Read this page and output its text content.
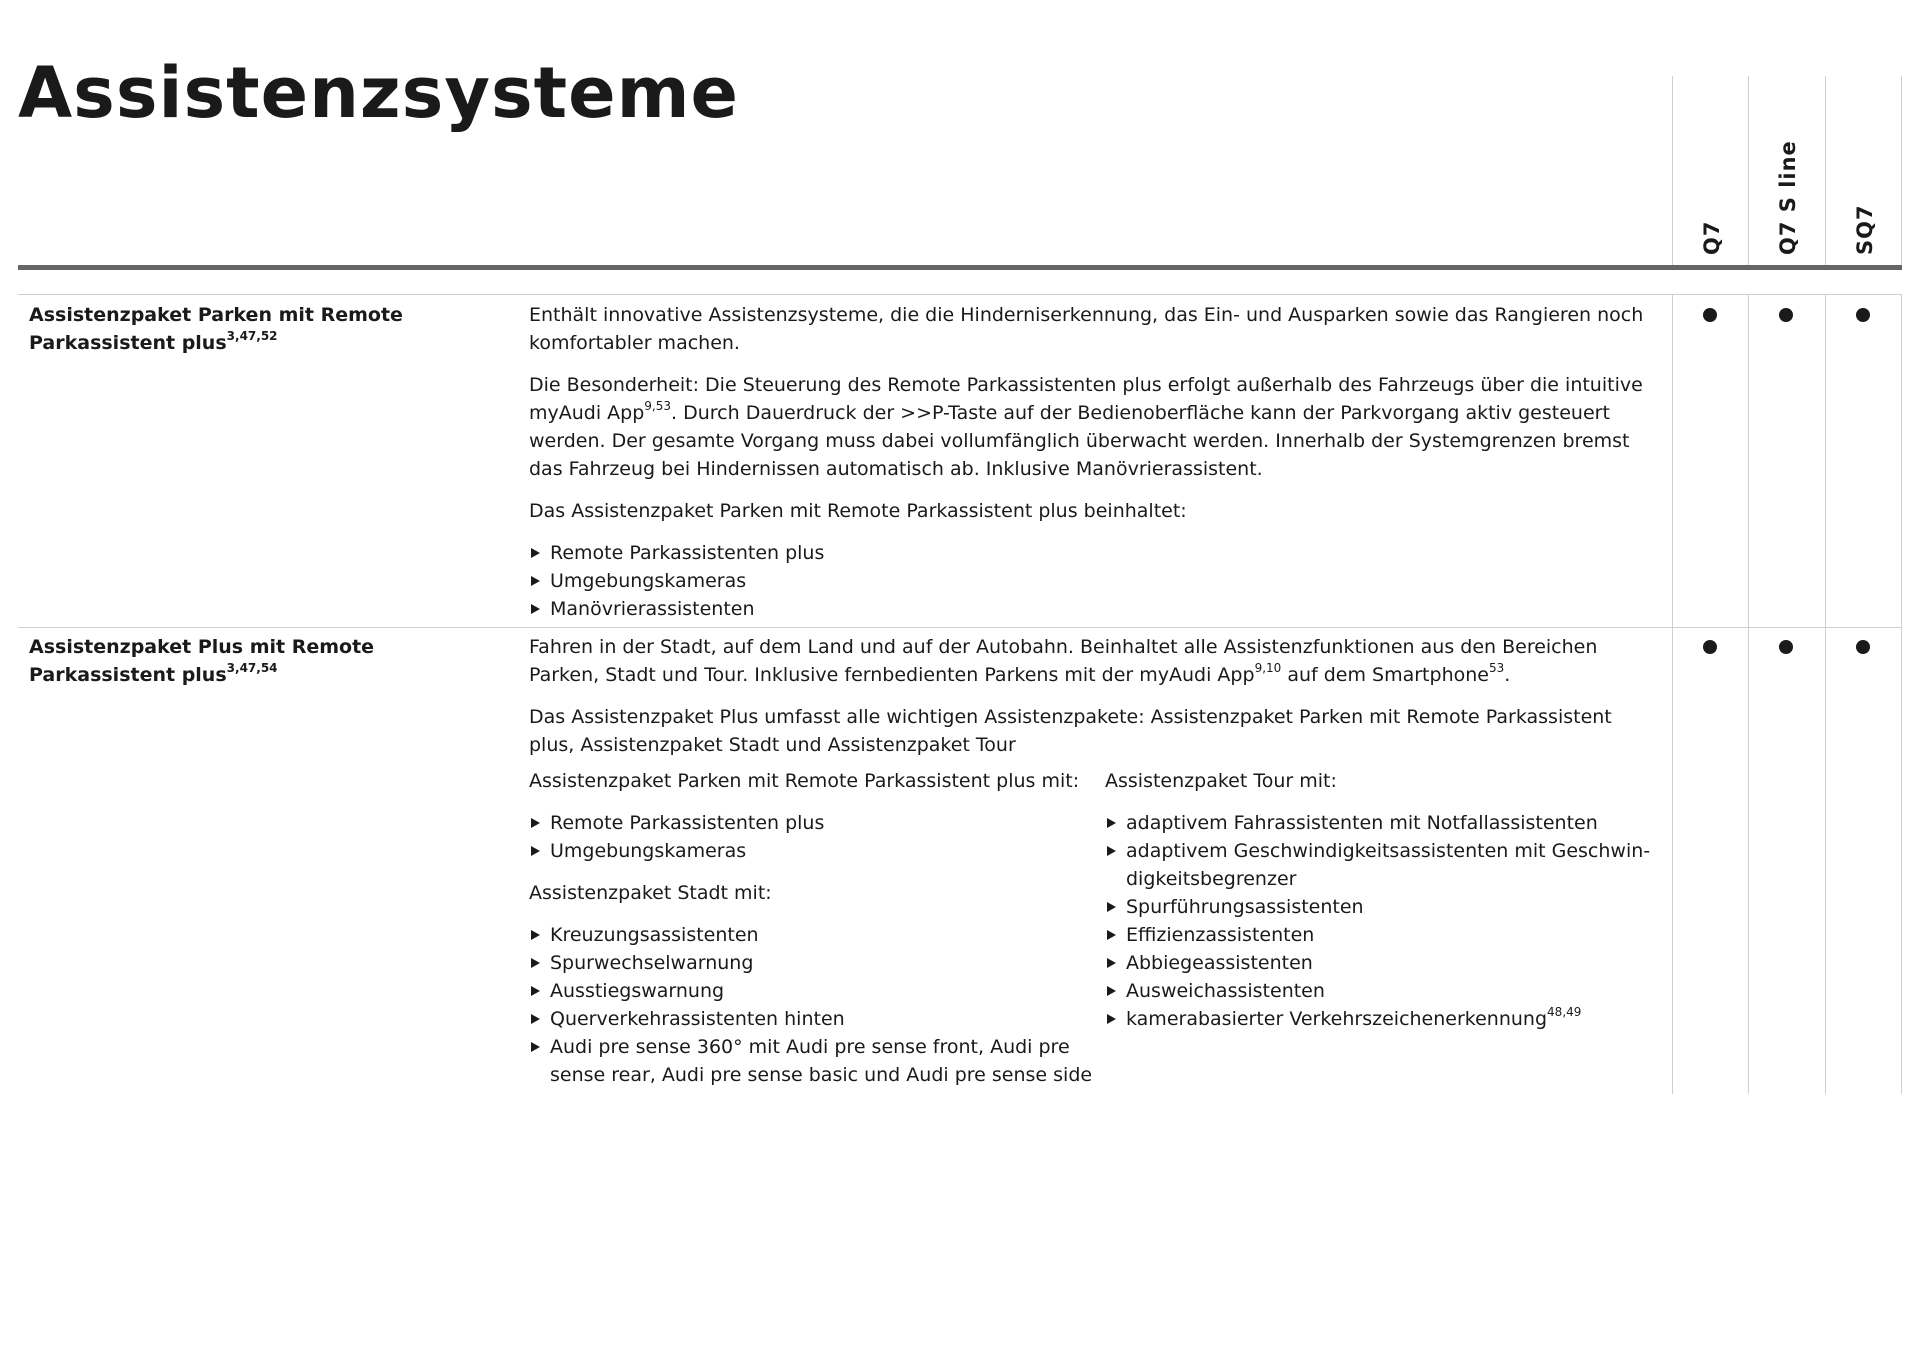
Assistenzsysteme
Q7	Q7 S line	SQ7
Assistenzpaket Parken mit Remote Parkassistent plus$^{3,47,52}$

Enthält innovative Assistenzsysteme, die die Hinderniserkennung, das Ein- und Ausparken sowie das Rangieren noch komfortabler machen.

Die Besonderheit: Die Steuerung des Remote Parkassistenten plus erfolgt außerhalb des Fahrzeugs über die intuitive myAudi App$^{9,53}$. Durch Dauerdruck der >>P-Taste auf der Bedienoberfläche kann der Parkvorgang aktiv gesteuert werden. Der gesamte Vorgang muss dabei vollumfänglich überwacht werden. Innerhalb der Systemgrenzen bremst das Fahrzeug bei Hindernissen automatisch ab. Inklusive Manövrierassistent.

Das Assistenzpaket Parken mit Remote Parkassistent plus beinhaltet:

Remote Parkassistenten plus
Umgebungskameras
Manövrierassistenten
Assistenzpaket Plus mit Remote Parkassistent plus$^{3,47,54}$

Fahren in der Stadt, auf dem Land und auf der Autobahn. Beinhaltet alle Assistenzfunktionen aus den Bereichen Parken, Stadt und Tour. Inklusive fernbedienten Parkens mit der myAudi App$^{9,10}$ auf dem Smartphone$^{53}$.

Das Assistenzpaket Plus umfasst alle wichtigen Assistenzpakete: Assistenzpaket Parken mit Remote Parkassistent plus, Assistenzpaket Stadt und Assistenzpaket Tour

Assistenzpaket Parken mit Remote Parkassistent plus mit:

Remote Parkassistenten plus
Umgebungskameras

Assistenzpaket Stadt mit:

Kreuzungsassistenten
Spurwechselwarnung
Ausstiegswarnung
Querverkehrassistenten hinten
Audi pre sense 360° mit Audi pre sense front, Audi pre sense rear, Audi pre sense basic und Audi pre sense side

Assistenzpaket Tour mit:

adaptivem Fahrassistenten mit Notfallassistenten
adaptivem Geschwindigkeitsassistenten mit Geschwin-digkeitsbegrenzer
Spurführungsassistenten
Effizienzassistenten
Abbiegeassistenten
Ausweichassistenten
kamerabasierter Verkehrszeichenerkennung$^{48,49}$
